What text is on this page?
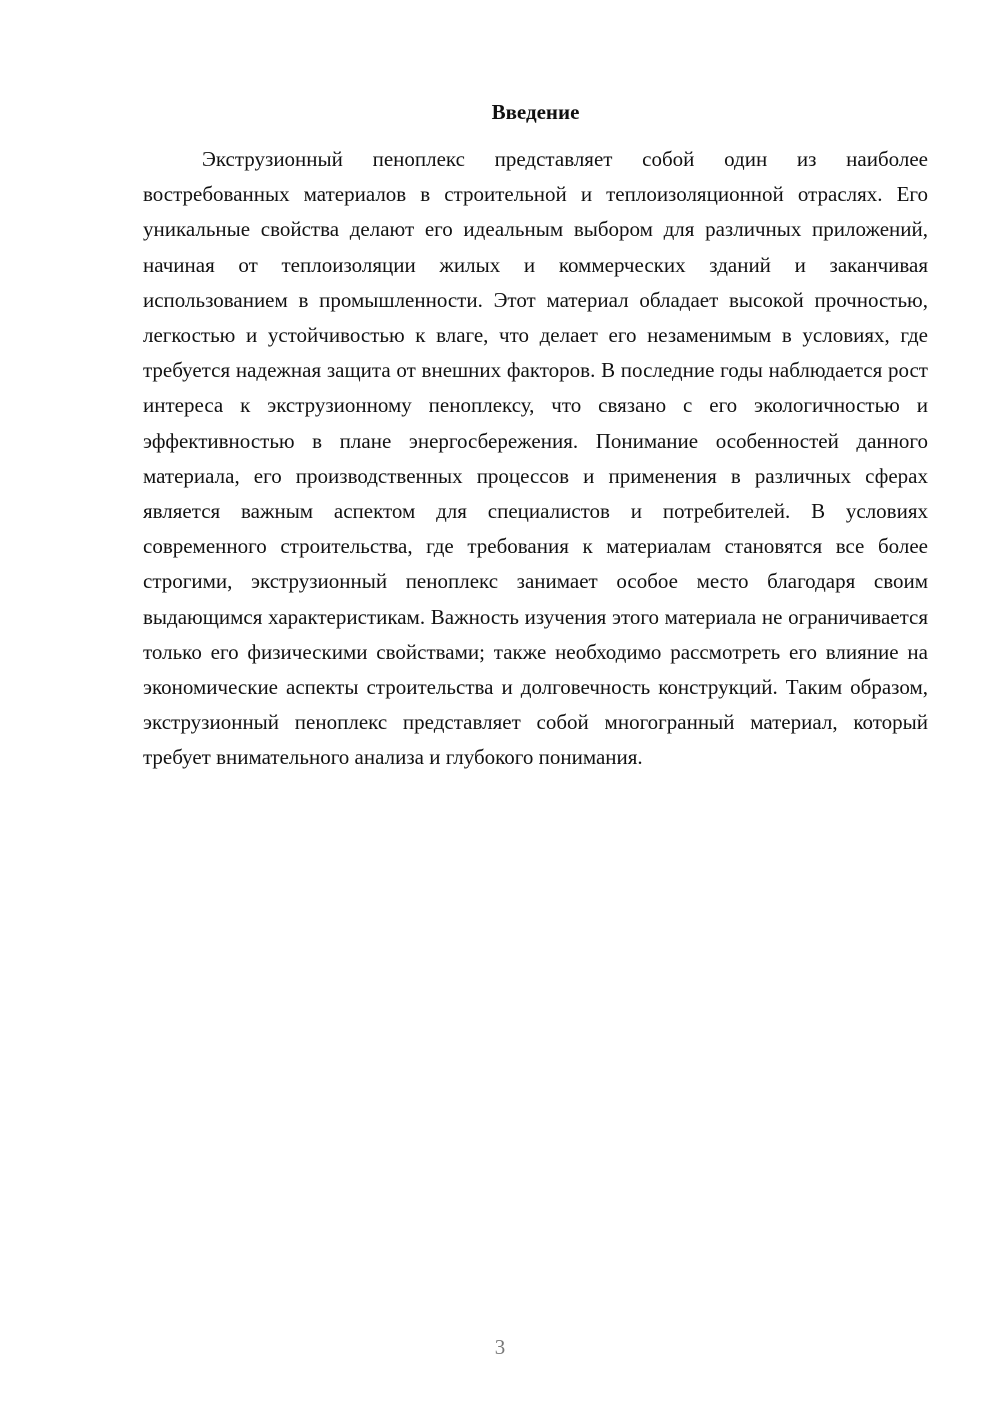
Введение

Экструзионный пеноплекс представляет собой один из наиболее востребованных материалов в строительной и теплоизоляционной отраслях. Его уникальные свойства делают его идеальным выбором для различных приложений, начиная от теплоизоляции жилых и коммерческих зданий и заканчивая использованием в промышленности. Этот материал обладает высокой прочностью, легкостью и устойчивостью к влаге, что делает его незаменимым в условиях, где требуется надежная защита от внешних факторов. В последние годы наблюдается рост интереса к экструзионному пеноплексу, что связано с его экологичностью и эффективностью в плане энергосбережения. Понимание особенностей данного материала, его производственных процессов и применения в различных сферах является важным аспектом для специалистов и потребителей. В условиях современного строительства, где требования к материалам становятся все более строгими, экструзионный пеноплекс занимает особое место благодаря своим выдающимся характеристикам. Важность изучения этого материала не ограничивается только его физическими свойствами; также необходимо рассмотреть его влияние на экономические аспекты строительства и долговечность конструкций. Таким образом, экструзионный пеноплекс представляет собой многогранный материал, который требует внимательного анализа и глубокого понимания.

3
